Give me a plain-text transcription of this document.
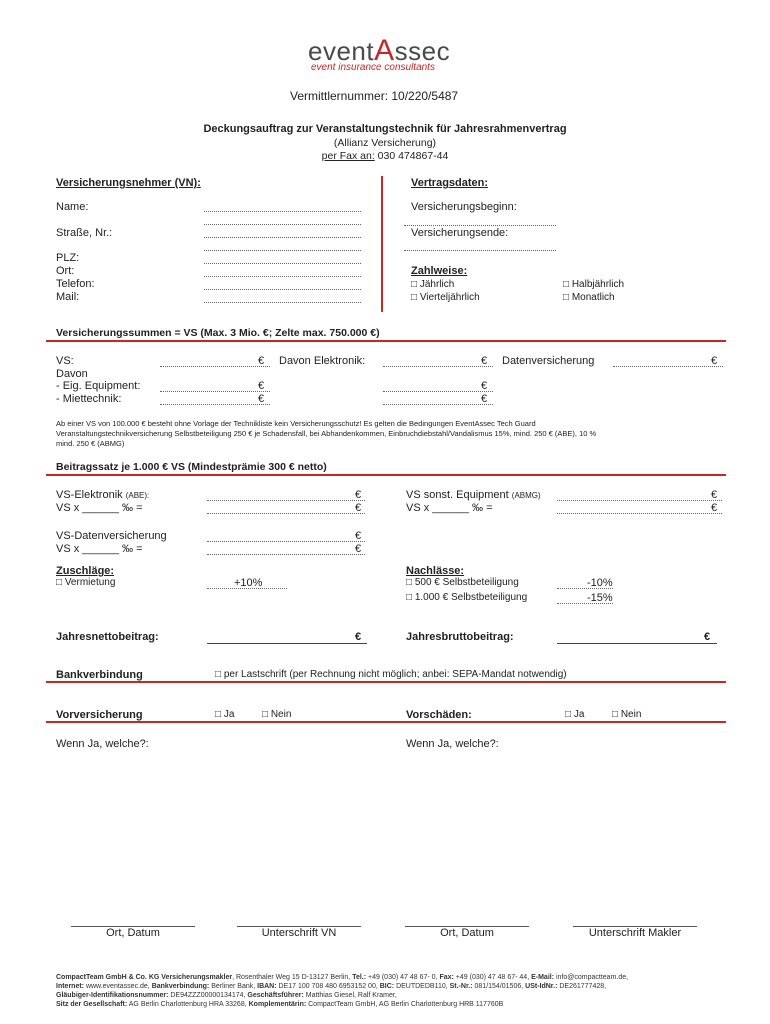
eventAssec
event insurance consultants
Vermittlernummer: 10/220/5487
Deckungsauftrag zur Veranstaltungstechnik für Jahresrahmenvertrag
(Allianz Versicherung)
per Fax an: 030 474867-44
Versicherungsnehmer (VN):
Name:
Straße, Nr.:
PLZ:
Ort:
Telefon:
Mail:
Vertragsdaten:
Versicherungsbeginn:
Versicherungsende:
Zahlweise:
□ Jährlich	□ Halbjährlich
□ Vierteljährlich	□ Monatlich
Versicherungssummen = VS (Max. 3 Mio. €; Zelte max. 750.000 €)
VS:	€ Davon Elektronik:	€ Datenversicherung	€
Davon
- Eig. Equipment:	€	€
- Miettechnik:	€	€
Ab einer VS von 100.000 € besteht ohne Vorlage der Technikliste kein Versicherungsschutz! Es gelten die Bedingungen EventAssec Tech Guard
Veranstaltungstechnikversicherung Selbstbeteiligung 250 € je Schadensfall, bei Abhandenkommen, Einbruchdiebstahl/Vandalismus 15%, mind. 250 € (ABE), 10 %
mind. 250 € (ABMG)
Beitragssatz je 1.000 € VS (Mindestprämie 300 € netto)
VS-Elektronik (ABE):	€
VS x ______ ‰ =	€
VS sonst. Equipment (ABMG)	€
VS x ______ ‰ =	€
VS-Datenversicherung	€
VS x ______ ‰ =	€
Zuschläge:
□ Vermietung	+10%
Nachlässe:
□ 500 € Selbstbeteiligung	-10%
□ 1.000 € Selbstbeteiligung	-15%
Jahresnettobeitrag:	€	Jahresbruttobeitrag:	€
Bankverbindung	□ per Lastschrift (per Rechnung nicht möglich; anbei: SEPA-Mandat notwendig)
Vorversicherung	□ Ja	□ Nein	Vorschäden:	□ Ja	□ Nein
Wenn Ja, welche?:	Wenn Ja, welche?:
Ort, Datum	Unterschrift VN	Ort, Datum	Unterschrift Makler
CompactTeam GmbH & Co. KG Versicherungsmakler, Rosenthaler Weg 15 D-13127 Berlin, Tel.: +49 (030) 47 48 67- 0, Fax: +49 (030) 47 48 67- 44, E-Mail: info@compactteam.de,
Internet: www.eventassec.de, Bankverbindung: Berliner Bank, IBAN: DE17 100 708 480 6953152 00, BIC: DEUTDEDB110, St.-Nr.: 081/154/01506, USt-IdNr.: DE261777428,
Gläubiger-Identifikationsnummer: DE94ZZZ00000134174, Geschäftsführer: Matthias Giesel, Ralf Kramer,
Sitz der Gesellschaft: AG Berlin Charlottenburg HRA 33268, Komplementärin: CompactTeam GmbH, AG Berlin Charlottenburg HRB 117760B
